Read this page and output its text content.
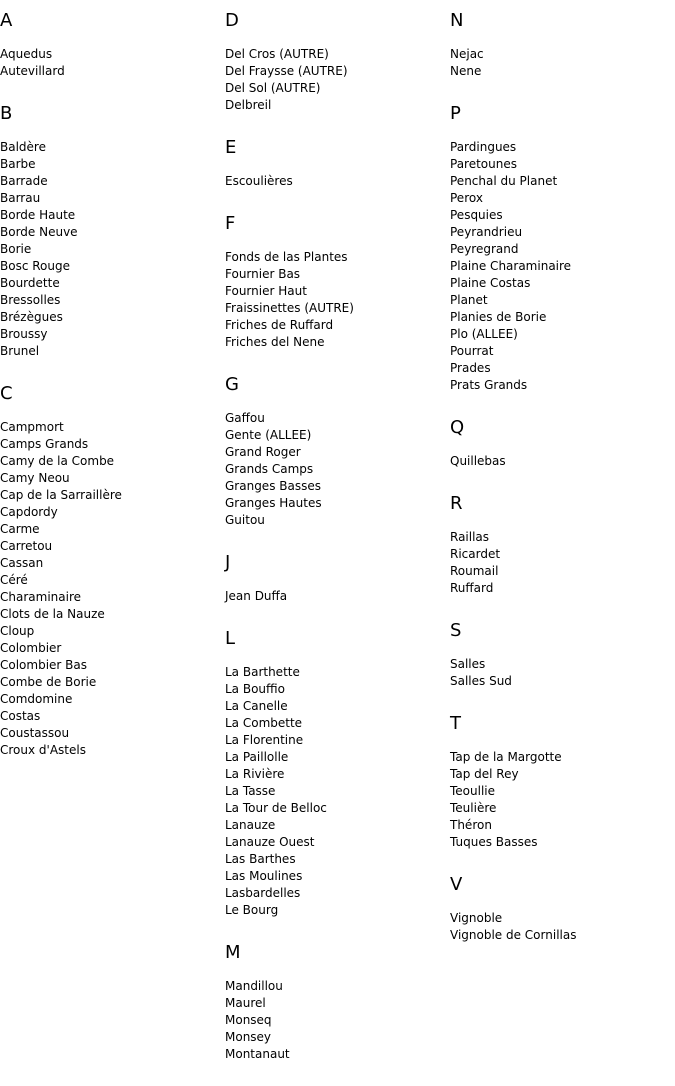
A
Aquedus
Autevillard
B
Baldère
Barbe
Barrade
Barrau
Borde Haute
Borde Neuve
Borie
Bosc Rouge
Bourdette
Bressolles
Brézègues
Broussy
Brunel
C
Campmort
Camps Grands
Camy de la Combe
Camy Neou
Cap de la Sarraillère
Capdordy
Carme
Carretou
Cassan
Céré
Charaminaire
Clots de la Nauze
Cloup
Colombier
Colombier Bas
Combe de Borie
Comdomine
Costas
Coustassou
Croux d'Astels
D
Del Cros (AUTRE)
Del Fraysse (AUTRE)
Del Sol (AUTRE)
Delbreil
E
Escoulières
F
Fonds de las Plantes
Fournier Bas
Fournier Haut
Fraissinettes (AUTRE)
Friches de Ruffard
Friches del Nene
G
Gaffou
Gente (ALLEE)
Grand Roger
Grands Camps
Granges Basses
Granges Hautes
Guitou
J
Jean Duffa
L
La Barthette
La Bouffio
La Canelle
La Combette
La Florentine
La Paillolle
La Rivière
La Tasse
La Tour de Belloc
Lanauze
Lanauze Ouest
Las Barthes
Las Moulines
Lasbardelles
Le Bourg
M
Mandillou
Maurel
Monseq
Monsey
Montanaut
N
Nejac
Nene
P
Pardingues
Paretounes
Penchal du Planet
Perox
Pesquies
Peyrandrieu
Peyregrand
Plaine Charaminaire
Plaine Costas
Planet
Planies de Borie
Plo (ALLEE)
Pourrat
Prades
Prats Grands
Q
Quillebas
R
Raillas
Ricardet
Roumail
Ruffard
S
Salles
Salles Sud
T
Tap de la Margotte
Tap del Rey
Teoullie
Teulière
Théron
Tuques Basses
V
Vignoble
Vignoble de Cornillas
